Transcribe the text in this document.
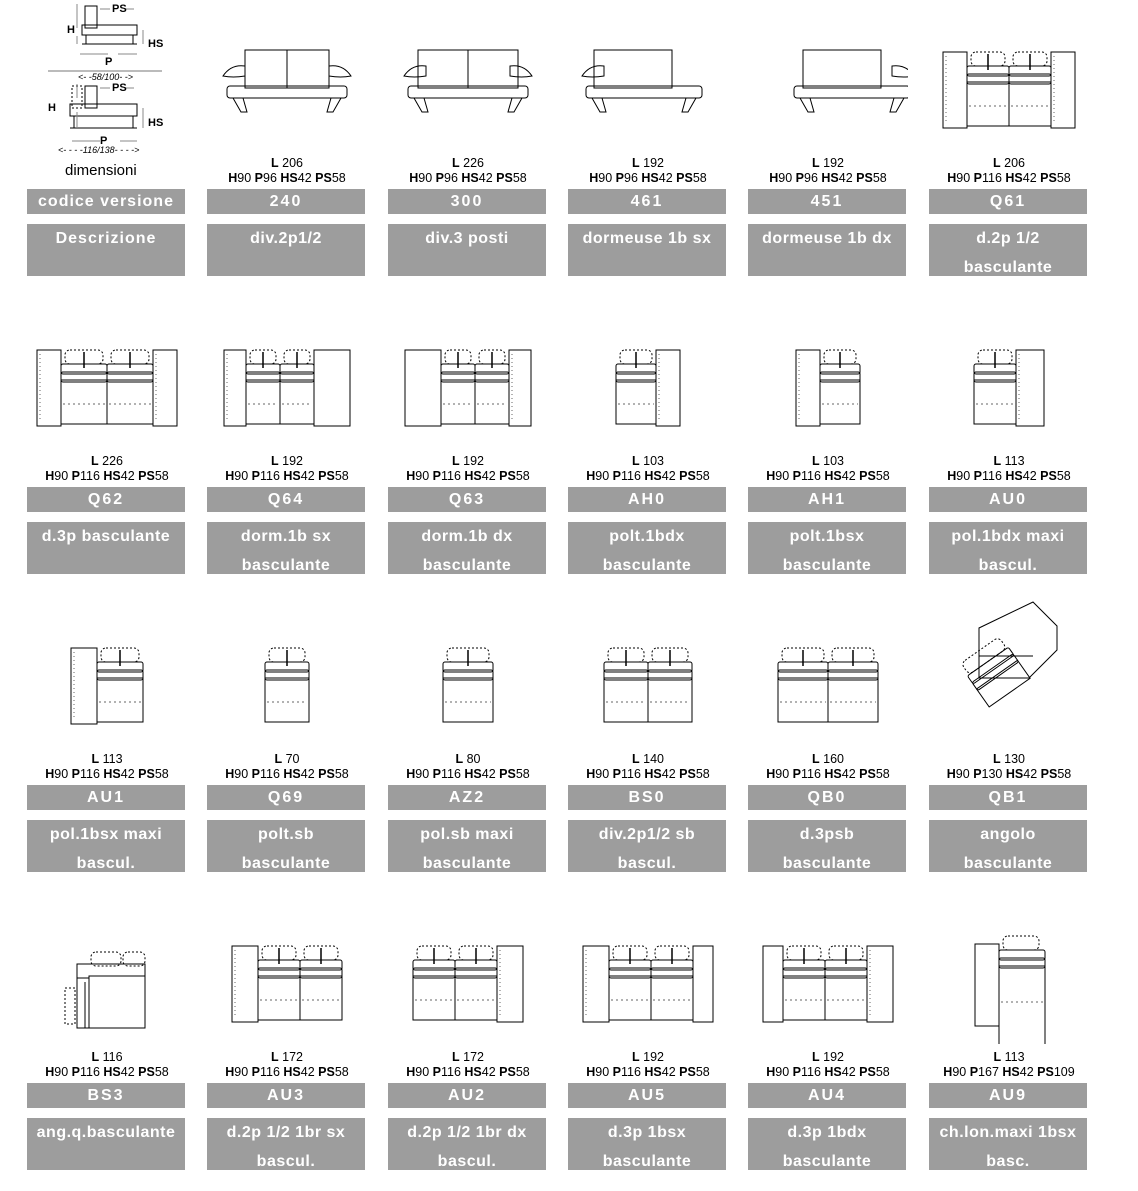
H
PS
HS
P
<- -58/100- ->
H
PS
HS
P
<- - - -116/138- - - ->
dimensioni
codice versione
Descrizione
L 206
H90 P96 HS42 PS58
240
div.2p1/2
L 226
H90 P96 HS42 PS58
300
div.3 posti
L 192
H90 P96 HS42 PS58
461
dormeuse 1b sx
L 192
H90 P96 HS42 PS58
451
dormeuse 1b dx
L 206
H90 P116 HS42 PS58
Q61
d.2p 1/2
basculante
L 226
H90 P116 HS42 PS58
Q62
d.3p basculante
L 192
H90 P116 HS42 PS58
Q64
dorm.1b sx
basculante
L 192
H90 P116 HS42 PS58
Q63
dorm.1b dx
basculante
L 103
H90 P116 HS42 PS58
AH0
polt.1bdx
basculante
L 103
H90 P116 HS42 PS58
AH1
polt.1bsx
basculante
L 113
H90 P116 HS42 PS58
AU0
pol.1bdx maxi
bascul.
L 113
H90 P116 HS42 PS58
AU1
pol.1bsx maxi
bascul.
L 70
H90 P116 HS42 PS58
Q69
polt.sb
basculante
L 80
H90 P116 HS42 PS58
AZ2
pol.sb maxi
basculante
L 140
H90 P116 HS42 PS58
BS0
div.2p1/2 sb
bascul.
L 160
H90 P116 HS42 PS58
QB0
d.3psb
basculante
L 130
H90 P130 HS42 PS58
QB1
angolo
basculante
L 116
H90 P116 HS42 PS58
BS3
ang.q.basculante
L 172
H90 P116 HS42 PS58
AU3
d.2p 1/2 1br sx
bascul.
L 172
H90 P116 HS42 PS58
AU2
d.2p 1/2 1br dx
bascul.
L 192
H90 P116 HS42 PS58
AU5
d.3p 1bsx
basculante
L 192
H90 P116 HS42 PS58
AU4
d.3p 1bdx
basculante
L 113
H90 P167 HS42 PS109
AU9
ch.lon.maxi 1bsx
basc.
